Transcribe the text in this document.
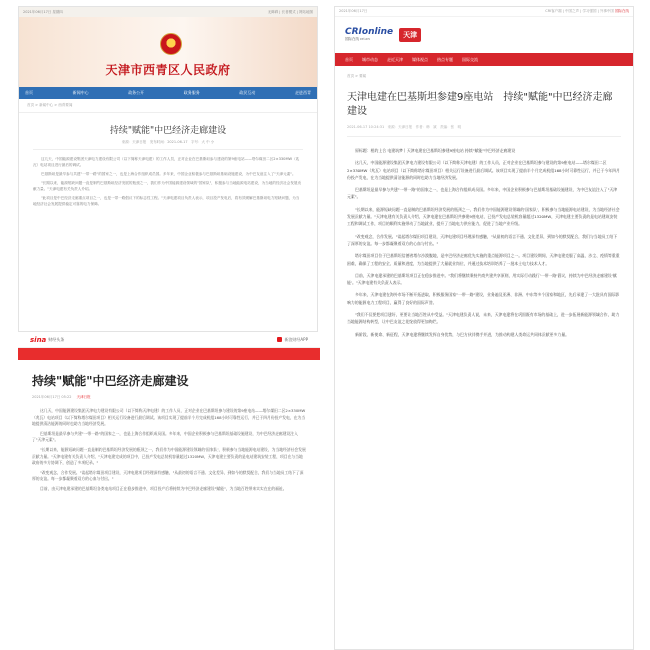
2021年06月17日 星期四	无障碍 | 长者模式 | 网站地图
天津市西青区人民政府
首页	新闻中心	政务公开	政务服务	政民互动	走进西青
首页 > 新闻中心 > 西青要闻
持续"赋能"中巴经济走廊建设
来源：天津日报　发布时间：2021-06-17　字号：大 中 小

这几天，中国能源建设集团天津电力建设有限公司（以下简称天津电建）的工作人员，正对企业在巴基斯坦参与建设的第9座电站——塔尔煤田二区2×330MW（兆瓦）电站项目进行最后的调试。

巴基斯坦是最早参与共建"一带一路"的国家之一，也是上海合作组织成员国。多年来，中国企业积极参与巴基斯坦基础设施建设，为中巴友谊注入了"天津元素"。

"长期以来，能源短缺问题一直是制约巴基斯坦经济发展的瓶颈之一，我们作为中国能源建设领域的"国家队"，积极参与当地能源电站建设，为当地的经济社会发展贡献力量。"天津电建有关负责人介绍。

"此项目是中巴经济走廊重点项目之一，也是一带一路倡议下的标志性工程。"天津电建项目负责人表示，项目投产发电后，将有效缓解巴基斯坦电力短缺问题，为当地经济社会发展提供稳定可靠的电力保障。

sina 财经头条	新浪财经APP
持续"赋能"中巴经济走廊建设
2021年06月17日 05:22 天津日报

这几天，中国能源建设集团天津电力建设有限公司（以下简称天津电建）的工作人员，正对企业在巴基斯坦参与建设的第9座电站——塔尔煤田二区2×330MW（兆瓦）电站项目（以下简称塔尔煤田项目）相关运行设备进行最后调试。该项目实现了提前半个月完成机组168小时可靠性运行，并已于四月份投产发电，在为当地提供清洁能源的同时也助力当地经济发展。

巴基斯坦是最早参与共建"一带一路"的国家之一，也是上海合作组织成员国。多年来，中国企业积极参与巴基斯坦基础设施建设，为中巴经济走廊建设注入了"天津元素"。

"长期以来，能源短缺问题一直是制约巴基斯坦经济发展的瓶颈之一，我们作为中国能源建设领域的'国家队'，积极参与当地能源电站建设，为当地经济社会发展贡献力量。"天津电建有关负责人介绍，"天津电建完成的项目中，已投产发电总装机容量超过1320MW，天津电建主要负责的是电站建筑安装工程，项目在与当地政府的多方协调下，创造了多项纪录。"

"改变观念，合作发展。"谈起塔尔煤田项目建设，天津电建项目经理深有感触，"从最初的语言不通、文化差异，到如今的默契配合，我们与当地员工结下了深厚的友谊。每一步都凝聚着双方的心血与付出。"

目前，由天津电建承建的巴基斯坦各类电站项目正在稳步推进中，项目投产后将持续为中巴经济走廊建设"赋能"，为当地百姓带来实实在在的福祉。

2021年06月17日	CRI客户端 | 中国之声 | 学习强国 | 外事中国 国际在线
CRIonline
国际在线 cri.cn	天津
首页 城市动态 走近天津 媒体视点 热点专题 国际交流
首页 > 要闻
天津电建在巴基斯坦参建9座电站　持续"赋能"中巴经济走廊建设
2021-06-17 10:24:31　来源：天津日报　作者：韩　斌　责编：张　明

原标题：相约上合 电建筑梦丨天津电建在巴基斯坦参建9座电站 持续"赋能"中巴经济走廊建设

这几天，中国能源建设集团天津电力建设有限公司（以下简称天津电建）的工作人员，正对企业在巴基斯坦参与建设的第9座电站——塔尔煤田二区2×330MW（兆瓦）电站项目（以下简称塔尔煤田项目）相关运行设备进行最后调试。该项目实现了提前半个月完成机组168小时可靠性运行，并已于今年四月份投产发电，在为当地提供清洁能源的同时也助力当地经济发展。

巴基斯坦是最早参与共建"一带一路"的国家之一，也是上海合作组织成员国。多年来，中国企业积极参与巴基斯坦基础设施建设，为中巴友谊注入了"天津元素"。

"长期以来，能源短缺问题一直是制约巴基斯坦经济发展的瓶颈之一，我们作为中国能源建设领域的'国家队'，积极参与当地能源电站建设，为当地经济社会发展贡献力量。"天津电建有关负责人介绍，天津电建在巴基斯坦共参建9座电站，已投产发电总装机容量超过1320MW，天津电建主要负责的是电站建筑安装工程和调试工作，项目的顺利实施带动了当地就业，提升了当地电力供应能力，促进了当地产业升级。

"改变观念，合作发展。"谈起塔尔煤田项目建设，天津电建项目经理深有感触，"从最初的语言不通、文化差异，到如今的默契配合，我们与当地员工结下了深厚的友谊。每一步都凝聚着双方的心血与付出。"

塔尔煤田项目位于巴基斯坦信德省塔尔沙漠腹地，是中巴经济走廊优先实施的重点能源项目之一。项目建设期间，天津电建克服了高温、沙尘、疫情等重重困难，确保了工程的安全、质量和进度，为当地提供了大量就业岗位，并通过技术培训培养了一批本土电力技术人才。

目前，天津电建承建的巴基斯坦项目正在稳步推进中。"我们将继续秉持共商共建共享原则，用实际行动践行'一带一路'倡议，持续为中巴经济走廊建设'赋能'。"天津电建有关负责人表示。

多年来，天津电建在海外市场不断开拓进取，积极服务国家"一带一路"建设，业务遍及亚洲、非洲、中东等多个国家和地区，先后承建了一大批具有国际影响力的能源电力工程项目，赢得了良好的国际声誉。

"我们不仅要把项目建好，更要让当地百姓从中受益。"天津电建负责人说，未来，天津电建将在巩固既有市场的基础上，进一步拓展新能源领域合作，助力当地能源结构转型，让中巴友谊之花绽放得更加绚烂。

新阶段、新使命、新征程，天津电建将继续发挥自身优势，与巴方伙伴携手并进，为推动构建人类命运共同体贡献更多力量。
